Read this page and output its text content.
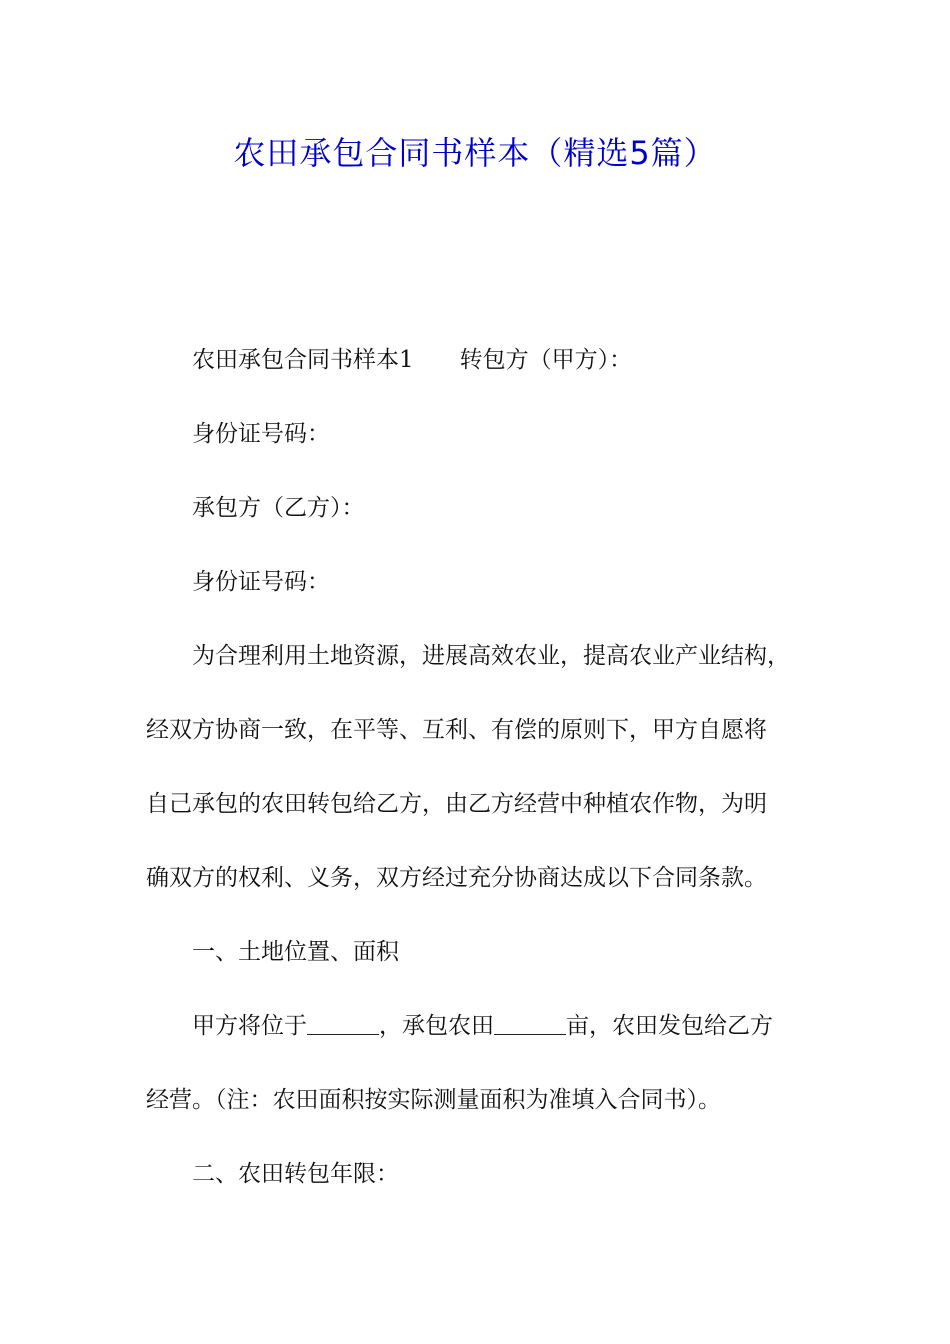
农田承包合同书样本（精选5篇）
农田承包合同书样本1 转包方（甲方）：
身份证号码：
承包方（乙方）：
身份证号码：
为合理利用土地资源，进展高效农业，提高农业产业结构，
经双方协商一致，在平等、互利、有偿的原则下，甲方自愿将
自己承包的农田转包给乙方，由乙方经营中种植农作物，为明
确双方的权利、义务，双方经过充分协商达成以下合同条款。
一、土地位置、面积
甲方将位于	，承包农田	亩，农田发包给乙方
经营。（注：农田面积按实际测量面积为准填入合同书）。
二、农田转包年限：
